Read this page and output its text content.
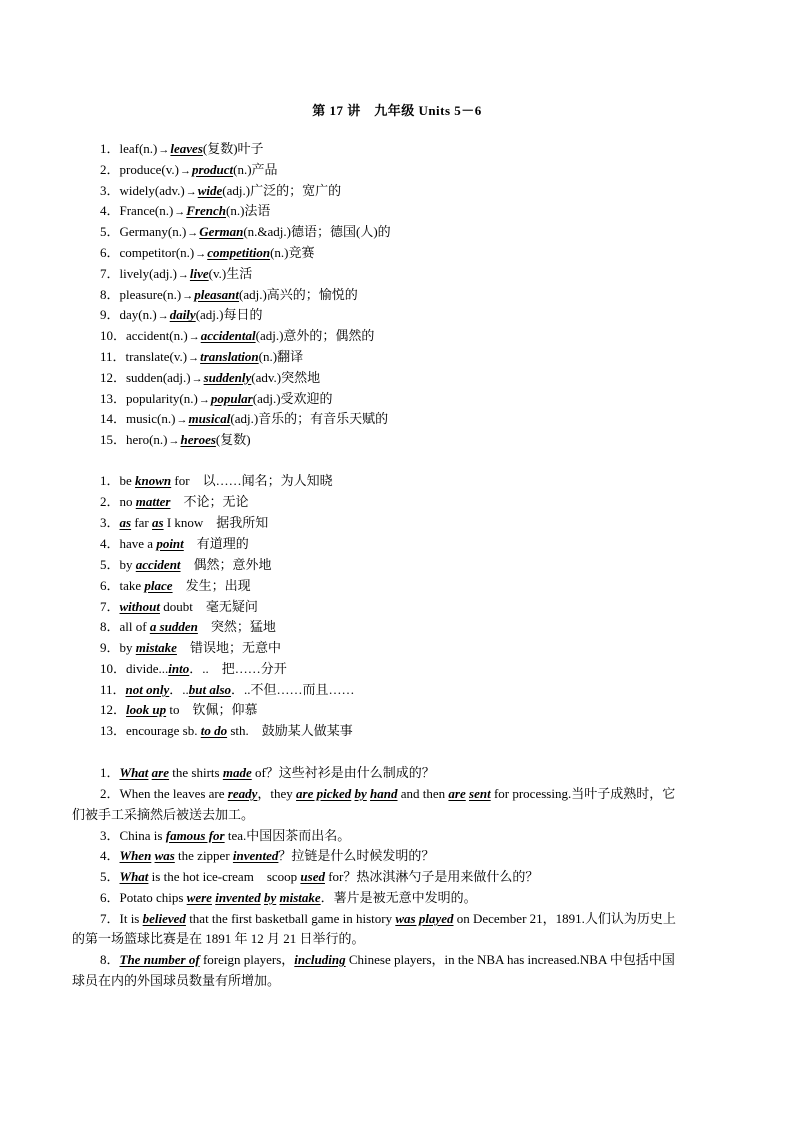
第 17 讲　九年级 Units 5－6
1．leaf(n.)→leaves(复数)叶子
2．produce(v.)→product(n.)产品
3．widely(adv.)→wide(adj.)广泛的；宽广的
4．France(n.)→French(n.)法语
5．Germany(n.)→German(n.&adj.)德语；德国(人)的
6．competitor(n.)→competition(n.)竞赛
7．lively(adj.)→live(v.)生活
8．pleasure(n.)→pleasant(adj.)高兴的；愉悦的
9．day(n.)→daily(adj.)每日的
10．accident(n.)→accidental(adj.)意外的；偶然的
11．translate(v.)→translation(n.)翻译
12．sudden(adj.)→suddenly(adv.)突然地
13．popularity(n.)→popular(adj.)受欢迎的
14．music(n.)→musical(adj.)音乐的；有音乐天赋的
15．hero(n.)→heroes(复数)
1．be known for　以……闻名；为人知晓
2．no matter　不论；无论
3．as far as I know　据我所知
4．have a point　有道理的
5．by accident　偶然；意外地
6．take place　发生；出现
7．without doubt　毫无疑问
8．all of a sudden　突然；猛地
9．by mistake　错误地；无意中
10．divide...into．..　把……分开
11．not only．..but also．..不但……而且……
12．look up to　钦佩；仰慕
13．encourage sb. to do sth.　鼓励某人做某事
1．What are the shirts made of？这些衬衫是由什么制成的？
2．When the leaves are ready，they are picked by hand and then are sent for processing.当叶子成熟时，它
们被手工采摘然后被送去加工。
3．China is famous for tea.中国因茶而出名。
4．When was the zipper invented？拉链是什么时候发明的？
5．What is the hot ice-cream　scoop used for？热冰淇淋勺子是用来做什么的？
6．Potato chips were invented by mistake．薯片是被无意中发明的。
7．It is believed that the first basketball game in history was played on December 21，1891.人们认为历史上
的第一场篮球比赛是在 1891 年 12 月 21 日举行的。
8．The number of foreign players，including Chinese players，in the NBA has increased.NBA 中包括中国
球员在内的外国球员数量有所增加。
